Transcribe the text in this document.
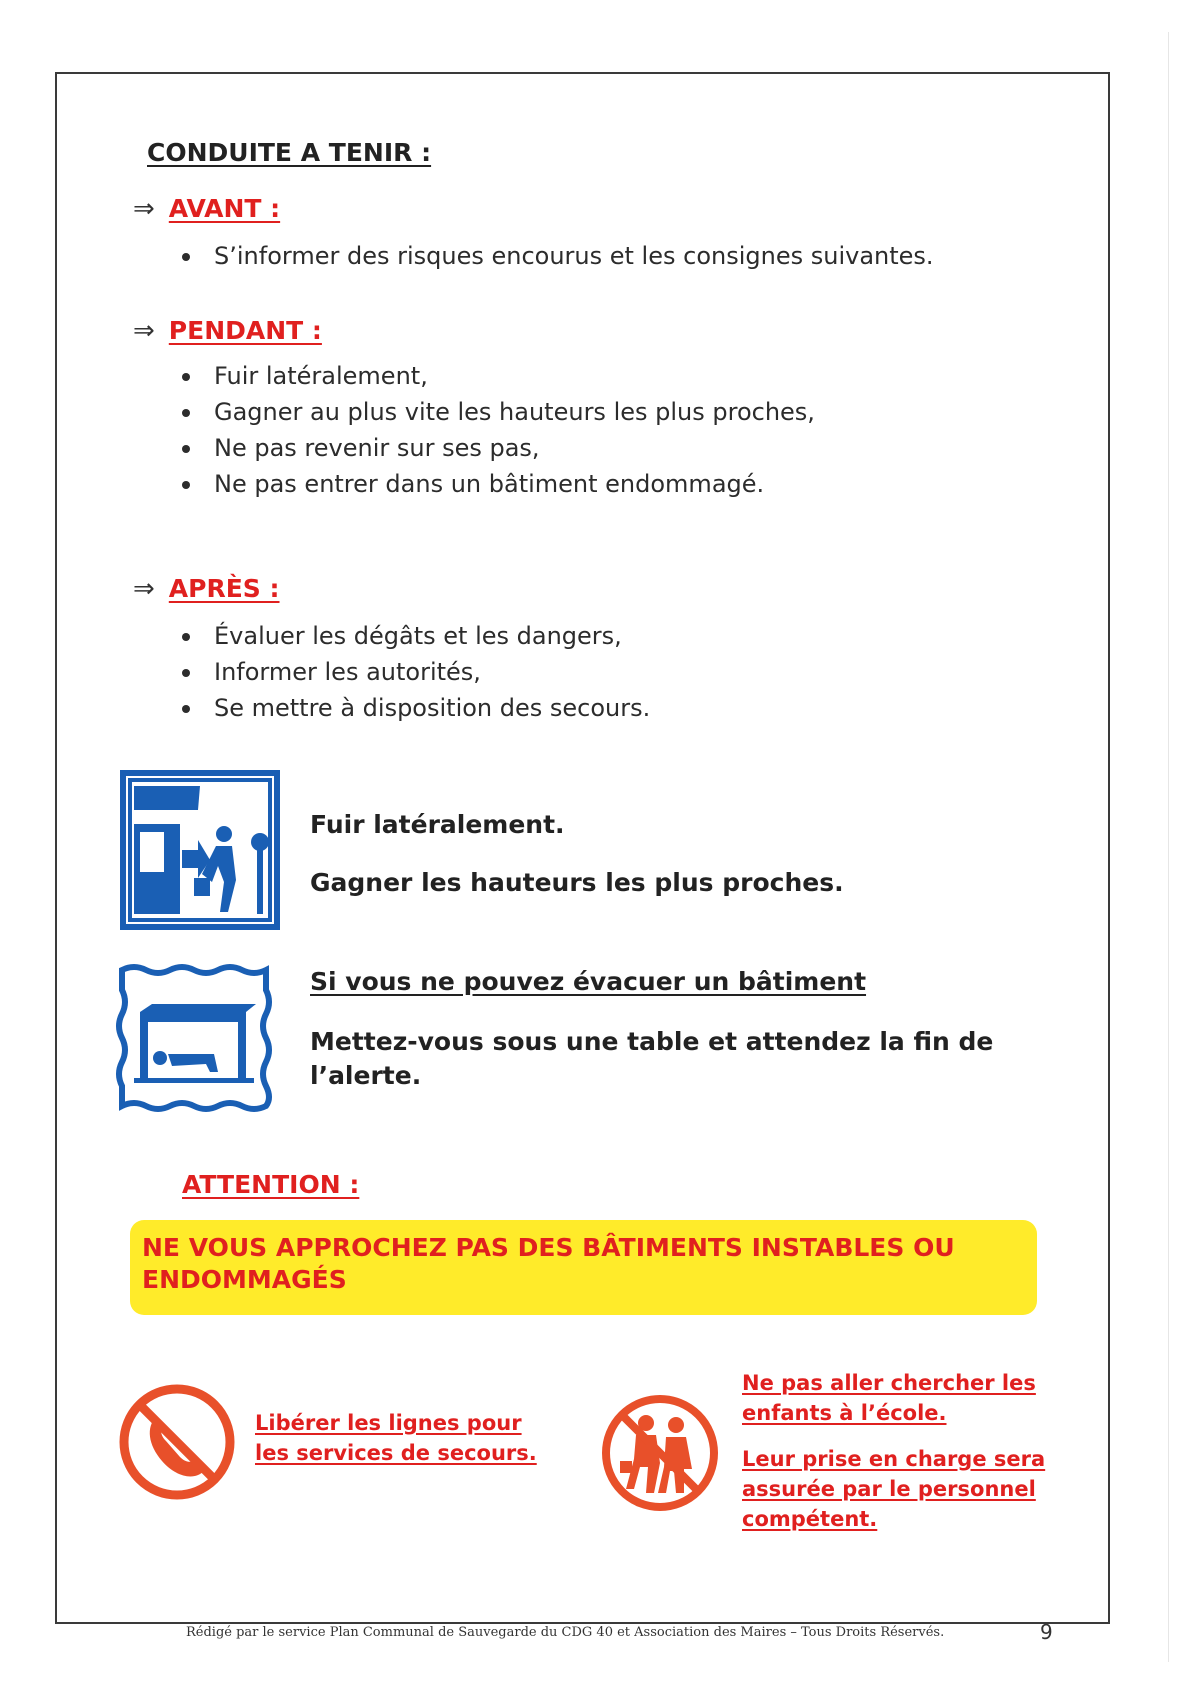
CONDUITE A TENIR :
⇒ AVANT :
S’informer des risques encourus et les consignes suivantes.
⇒ PENDANT :
Fuir latéralement,
Gagner au plus vite les hauteurs les plus proches,
Ne pas revenir sur ses pas,
Ne pas entrer dans un bâtiment endommagé.
⇒ APRÈS :
Évaluer les dégâts et les dangers,
Informer les autorités,
Se mettre à disposition des secours.
Fuir latéralement.
Gagner les hauteurs les plus proches.
Si vous ne pouvez évacuer un bâtiment
Mettez-vous sous une table et attendez la fin de l’alerte.
ATTENTION :
NE VOUS APPROCHEZ PAS DES BÂTIMENTS INSTABLES OU ENDOMMAGÉS
Libérer les lignes pour les services de secours.
Ne pas aller chercher les enfants à l’école.
Leur prise en charge sera assurée par le personnel compétent.
Rédigé par le service Plan Communal de Sauvegarde du CDG 40 et Association des Maires – Tous Droits Réservés.	9
